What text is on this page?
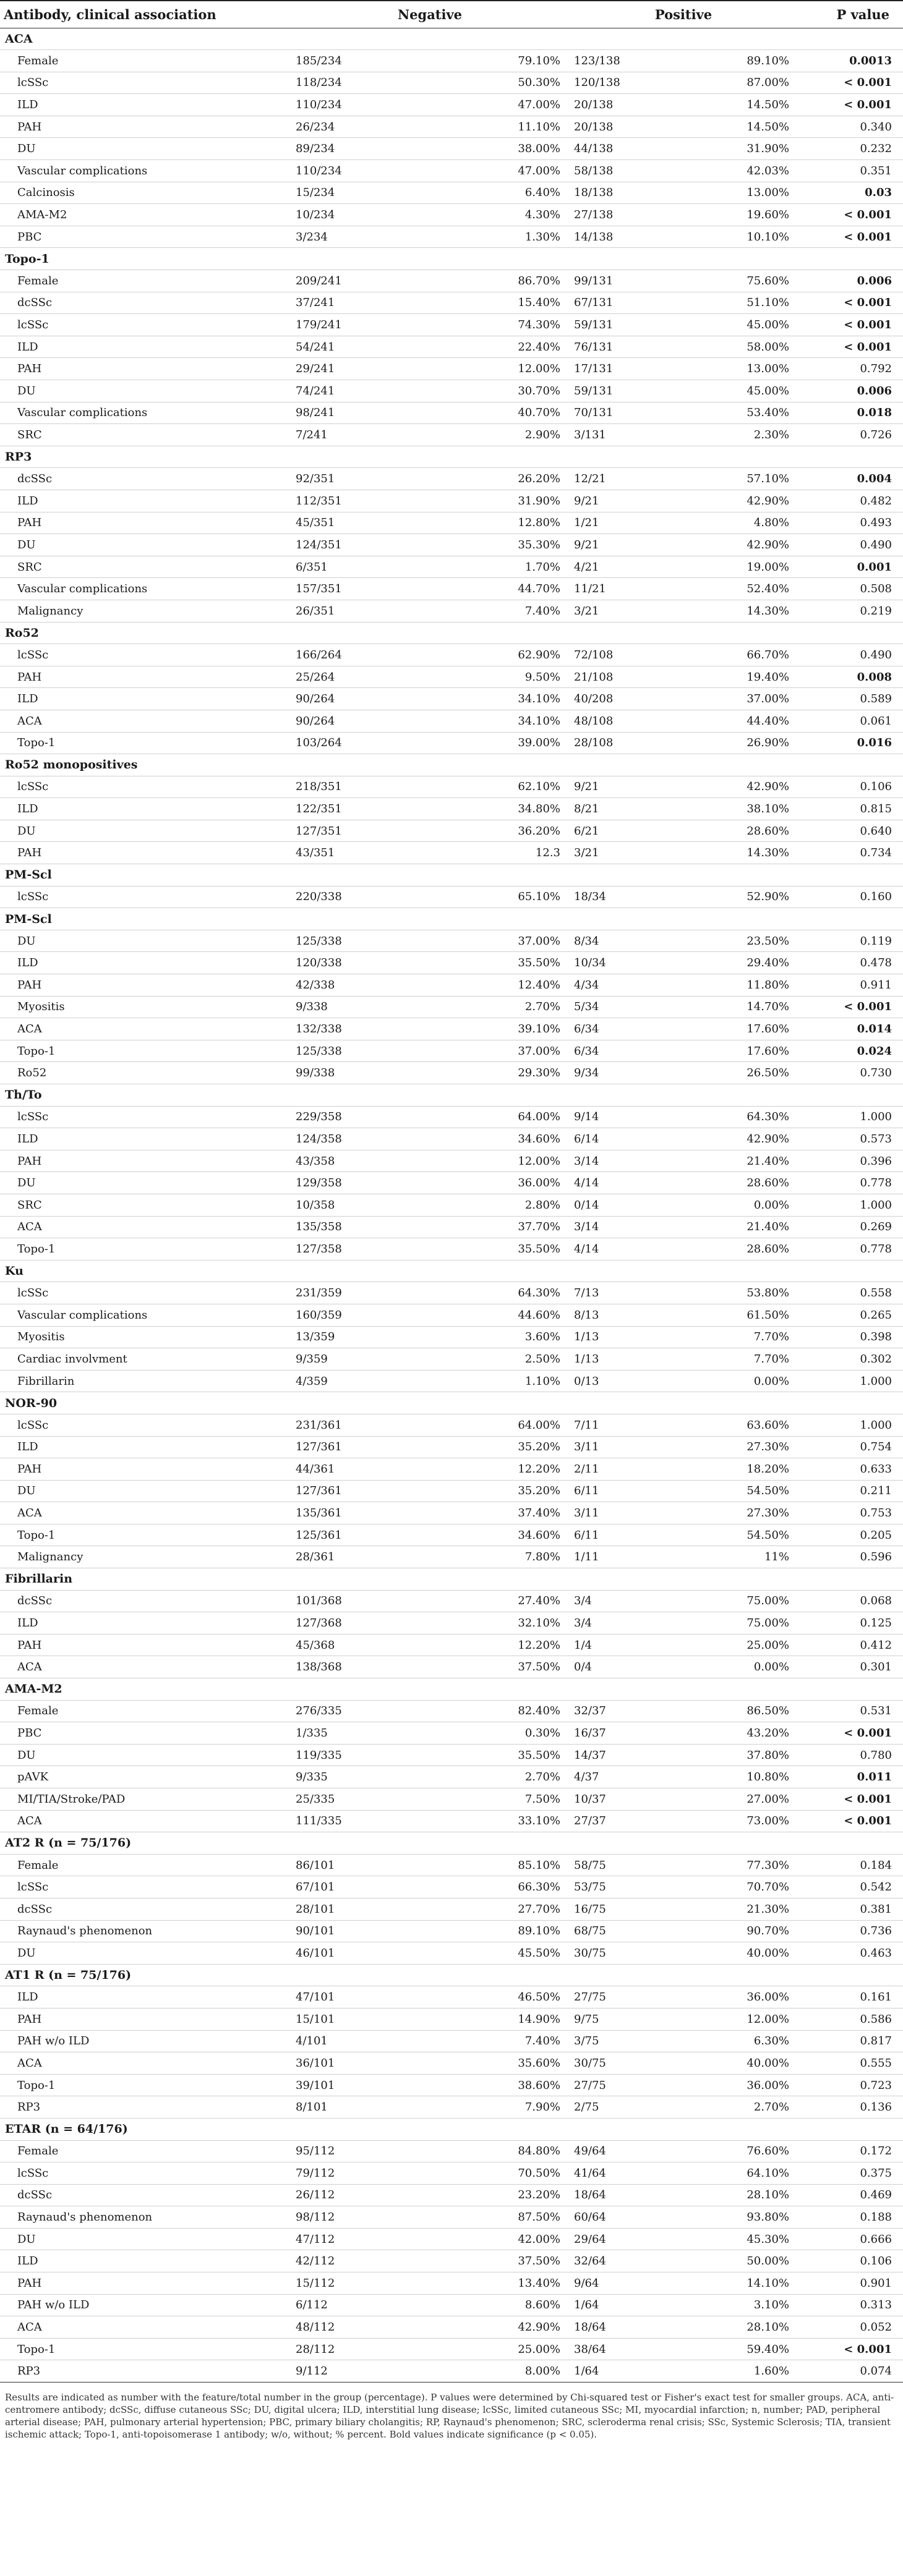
Antibody, clinical association	Negative		Positive		P value
ACA					
Female	185/234	79.10%	123/138	89.10%	0.0013
lcSSc	118/234	50.30%	120/138	87.00%	< 0.001
ILD	110/234	47.00%	20/138	14.50%	< 0.001
PAH	26/234	11.10%	20/138	14.50%	0.340
DU	89/234	38.00%	44/138	31.90%	0.232
Vascular complications	110/234	47.00%	58/138	42.03%	0.351
Calcinosis	15/234	6.40%	18/138	13.00%	0.03
AMA-M2	10/234	4.30%	27/138	19.60%	< 0.001
PBC	3/234	1.30%	14/138	10.10%	< 0.001
Topo-1					
Female	209/241	86.70%	99/131	75.60%	0.006
dcSSc	37/241	15.40%	67/131	51.10%	< 0.001
lcSSc	179/241	74.30%	59/131	45.00%	< 0.001
ILD	54/241	22.40%	76/131	58.00%	< 0.001
PAH	29/241	12.00%	17/131	13.00%	0.792
DU	74/241	30.70%	59/131	45.00%	0.006
Vascular complications	98/241	40.70%	70/131	53.40%	0.018
SRC	7/241	2.90%	3/131	2.30%	0.726
RP3					
dcSSc	92/351	26.20%	12/21	57.10%	0.004
ILD	112/351	31.90%	9/21	42.90%	0.482
PAH	45/351	12.80%	1/21	4.80%	0.493
DU	124/351	35.30%	9/21	42.90%	0.490
SRC	6/351	1.70%	4/21	19.00%	0.001
Vascular complications	157/351	44.70%	11/21	52.40%	0.508
Malignancy	26/351	7.40%	3/21	14.30%	0.219
Ro52					
lcSSc	166/264	62.90%	72/108	66.70%	0.490
PAH	25/264	9.50%	21/108	19.40%	0.008
ILD	90/264	34.10%	40/208	37.00%	0.589
ACA	90/264	34.10%	48/108	44.40%	0.061
Topo-1	103/264	39.00%	28/108	26.90%	0.016
Ro52 monopositives					
lcSSc	218/351	62.10%	9/21	42.90%	0.106
ILD	122/351	34.80%	8/21	38.10%	0.815
DU	127/351	36.20%	6/21	28.60%	0.640
PAH	43/351	12.3	3/21	14.30%	0.734
PM-Scl					
lcSSc	220/338	65.10%	18/34	52.90%	0.160
PM-Scl					
DU	125/338	37.00%	8/34	23.50%	0.119
ILD	120/338	35.50%	10/34	29.40%	0.478
PAH	42/338	12.40%	4/34	11.80%	0.911
Myositis	9/338	2.70%	5/34	14.70%	< 0.001
ACA	132/338	39.10%	6/34	17.60%	0.014
Topo-1	125/338	37.00%	6/34	17.60%	0.024
Ro52	99/338	29.30%	9/34	26.50%	0.730
Th/To					
lcSSc	229/358	64.00%	9/14	64.30%	1.000
ILD	124/358	34.60%	6/14	42.90%	0.573
PAH	43/358	12.00%	3/14	21.40%	0.396
DU	129/358	36.00%	4/14	28.60%	0.778
SRC	10/358	2.80%	0/14	0.00%	1.000
ACA	135/358	37.70%	3/14	21.40%	0.269
Topo-1	127/358	35.50%	4/14	28.60%	0.778
Ku					
lcSSc	231/359	64.30%	7/13	53.80%	0.558
Vascular complications	160/359	44.60%	8/13	61.50%	0.265
Myositis	13/359	3.60%	1/13	7.70%	0.398
Cardiac involvment	9/359	2.50%	1/13	7.70%	0.302
Fibrillarin	4/359	1.10%	0/13	0.00%	1.000
NOR-90					
lcSSc	231/361	64.00%	7/11	63.60%	1.000
ILD	127/361	35.20%	3/11	27.30%	0.754
PAH	44/361	12.20%	2/11	18.20%	0.633
DU	127/361	35.20%	6/11	54.50%	0.211
ACA	135/361	37.40%	3/11	27.30%	0.753
Topo-1	125/361	34.60%	6/11	54.50%	0.205
Malignancy	28/361	7.80%	1/11	11%	0.596
Fibrillarin					
dcSSc	101/368	27.40%	3/4	75.00%	0.068
ILD	127/368	32.10%	3/4	75.00%	0.125
PAH	45/368	12.20%	1/4	25.00%	0.412
ACA	138/368	37.50%	0/4	0.00%	0.301
AMA-M2					
Female	276/335	82.40%	32/37	86.50%	0.531
PBC	1/335	0.30%	16/37	43.20%	< 0.001
DU	119/335	35.50%	14/37	37.80%	0.780
pAVK	9/335	2.70%	4/37	10.80%	0.011
MI/TIA/Stroke/PAD	25/335	7.50%	10/37	27.00%	< 0.001
ACA	111/335	33.10%	27/37	73.00%	< 0.001
AT2 R (n = 75/176)					
Female	86/101	85.10%	58/75	77.30%	0.184
lcSSc	67/101	66.30%	53/75	70.70%	0.542
dcSSc	28/101	27.70%	16/75	21.30%	0.381
Raynaud's phenomenon	90/101	89.10%	68/75	90.70%	0.736
DU	46/101	45.50%	30/75	40.00%	0.463
AT1 R (n = 75/176)					
ILD	47/101	46.50%	27/75	36.00%	0.161
PAH	15/101	14.90%	9/75	12.00%	0.586
PAH w/o ILD	4/101	7.40%	3/75	6.30%	0.817
ACA	36/101	35.60%	30/75	40.00%	0.555
Topo-1	39/101	38.60%	27/75	36.00%	0.723
RP3	8/101	7.90%	2/75	2.70%	0.136
ETAR (n = 64/176)					
Female	95/112	84.80%	49/64	76.60%	0.172
lcSSc	79/112	70.50%	41/64	64.10%	0.375
dcSSc	26/112	23.20%	18/64	28.10%	0.469
Raynaud's phenomenon	98/112	87.50%	60/64	93.80%	0.188
DU	47/112	42.00%	29/64	45.30%	0.666
ILD	42/112	37.50%	32/64	50.00%	0.106
PAH	15/112	13.40%	9/64	14.10%	0.901
PAH w/o ILD	6/112	8.60%	1/64	3.10%	0.313
ACA	48/112	42.90%	18/64	28.10%	0.052
Topo-1	28/112	25.00%	38/64	59.40%	< 0.001
RP3	9/112	8.00%	1/64	1.60%	0.074
Results are indicated as number with the feature/total number in the group (percentage). P values were determined by Chi-squared test or Fisher's exact test for smaller groups. ACA, anti-centromere antibody; dcSSc, diffuse cutaneous SSc; DU, digital ulcera; ILD, interstitial lung disease; lcSSc, limited cutaneous SSc; MI, myocardial infarction; n, number; PAD, peripheral arterial disease; PAH, pulmonary arterial hypertension; PBC, primary biliary cholangitis; RP, Raynaud's phenomenon; SRC, scleroderma renal crisis; SSc, Systemic Sclerosis; TIA, transient ischemic attack; Topo-1, anti-topoisomerase 1 antibody; w/o, without; % percent. Bold values indicate significance (p < 0.05).
